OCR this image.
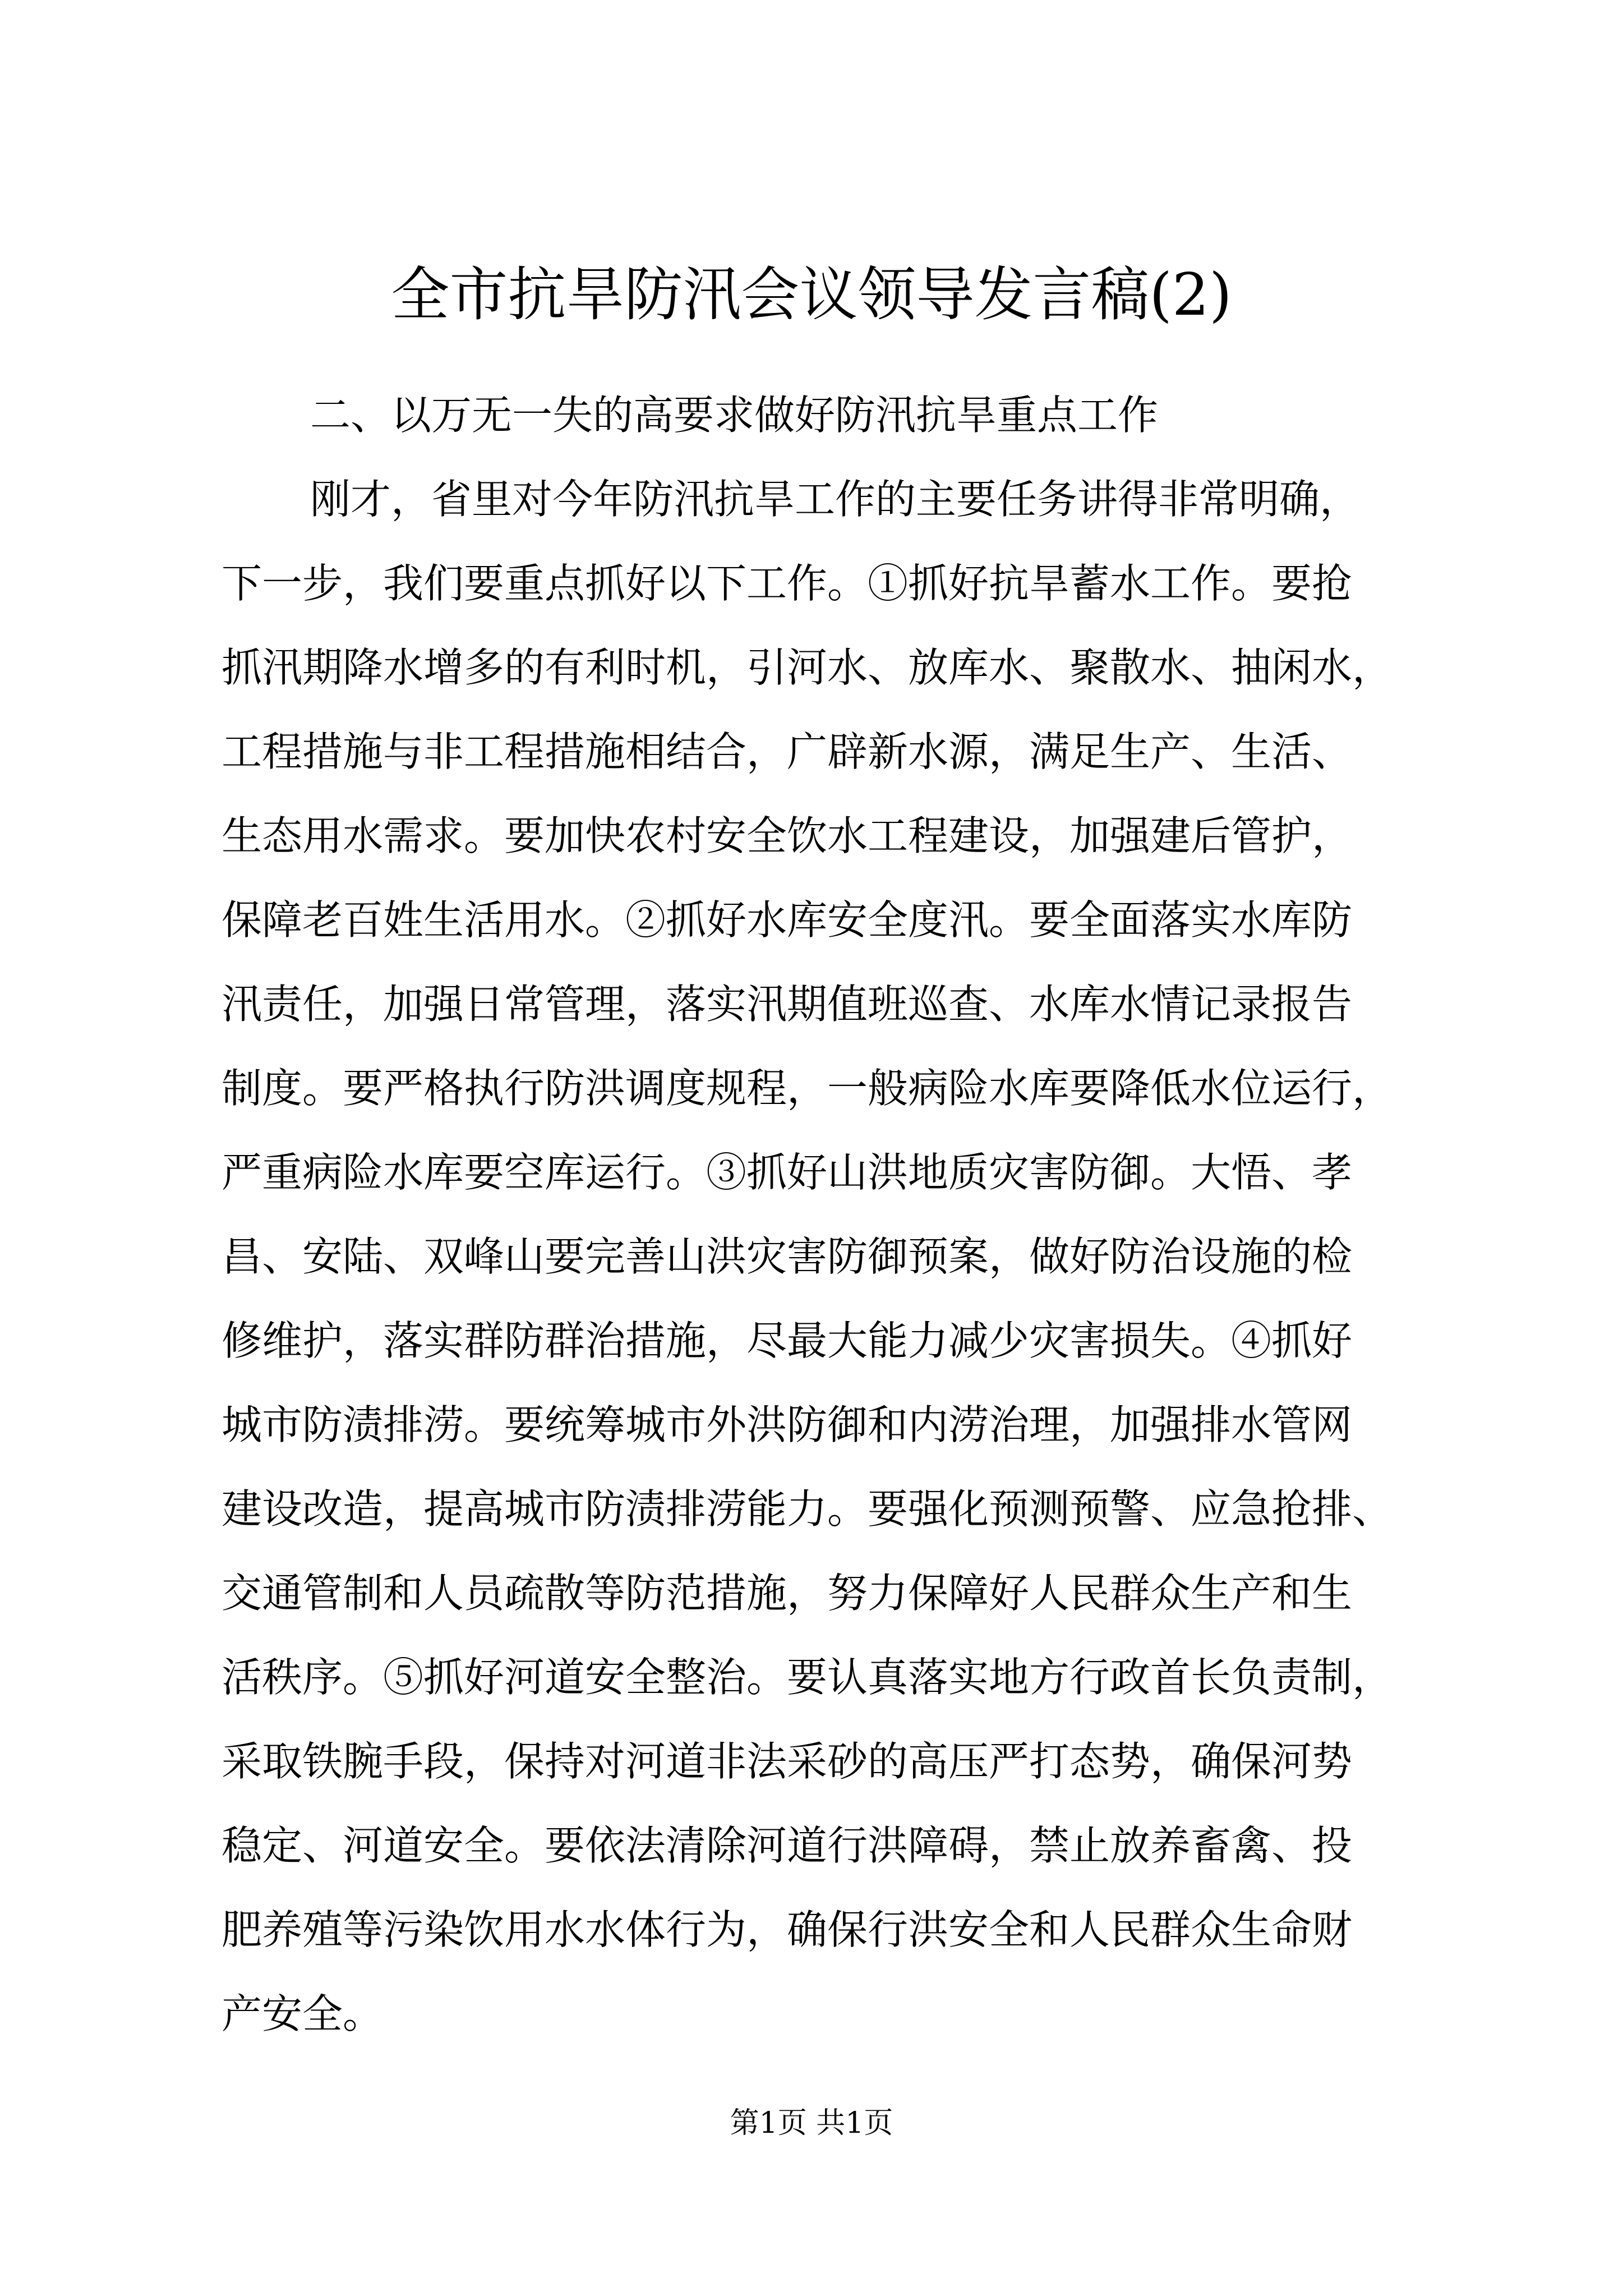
全市抗旱防汛会议领导发言稿(2)
二、以万无一失的高要求做好防汛抗旱重点工作

刚才，省里对今年防汛抗旱工作的主要任务讲得非常明确，

下一步，我们要重点抓好以下工作。①抓好抗旱蓄水工作。要抢

抓汛期降水增多的有利时机，引河水、放库水、聚散水、抽闲水，

工程措施与非工程措施相结合，广辟新水源，满足生产、生活、

生态用水需求。要加快农村安全饮水工程建设，加强建后管护，

保障老百姓生活用水。②抓好水库安全度汛。要全面落实水库防

汛责任，加强日常管理，落实汛期值班巡查、水库水情记录报告

制度。要严格执行防洪调度规程，一般病险水库要降低水位运行，

严重病险水库要空库运行。③抓好山洪地质灾害防御。大悟、孝

昌、安陆、双峰山要完善山洪灾害防御预案，做好防治设施的检

修维护，落实群防群治措施，尽最大能力减少灾害损失。④抓好

城市防渍排涝。要统筹城市外洪防御和内涝治理，加强排水管网

建设改造，提高城市防渍排涝能力。要强化预测预警、应急抢排、

交通管制和人员疏散等防范措施，努力保障好人民群众生产和生

活秩序。⑤抓好河道安全整治。要认真落实地方行政首长负责制，

采取铁腕手段，保持对河道非法采砂的高压严打态势，确保河势

稳定、河道安全。要依法清除河道行洪障碍，禁止放养畜禽、投

肥养殖等污染饮用水水体行为，确保行洪安全和人民群众生命财

产安全。

第1页 共1页
